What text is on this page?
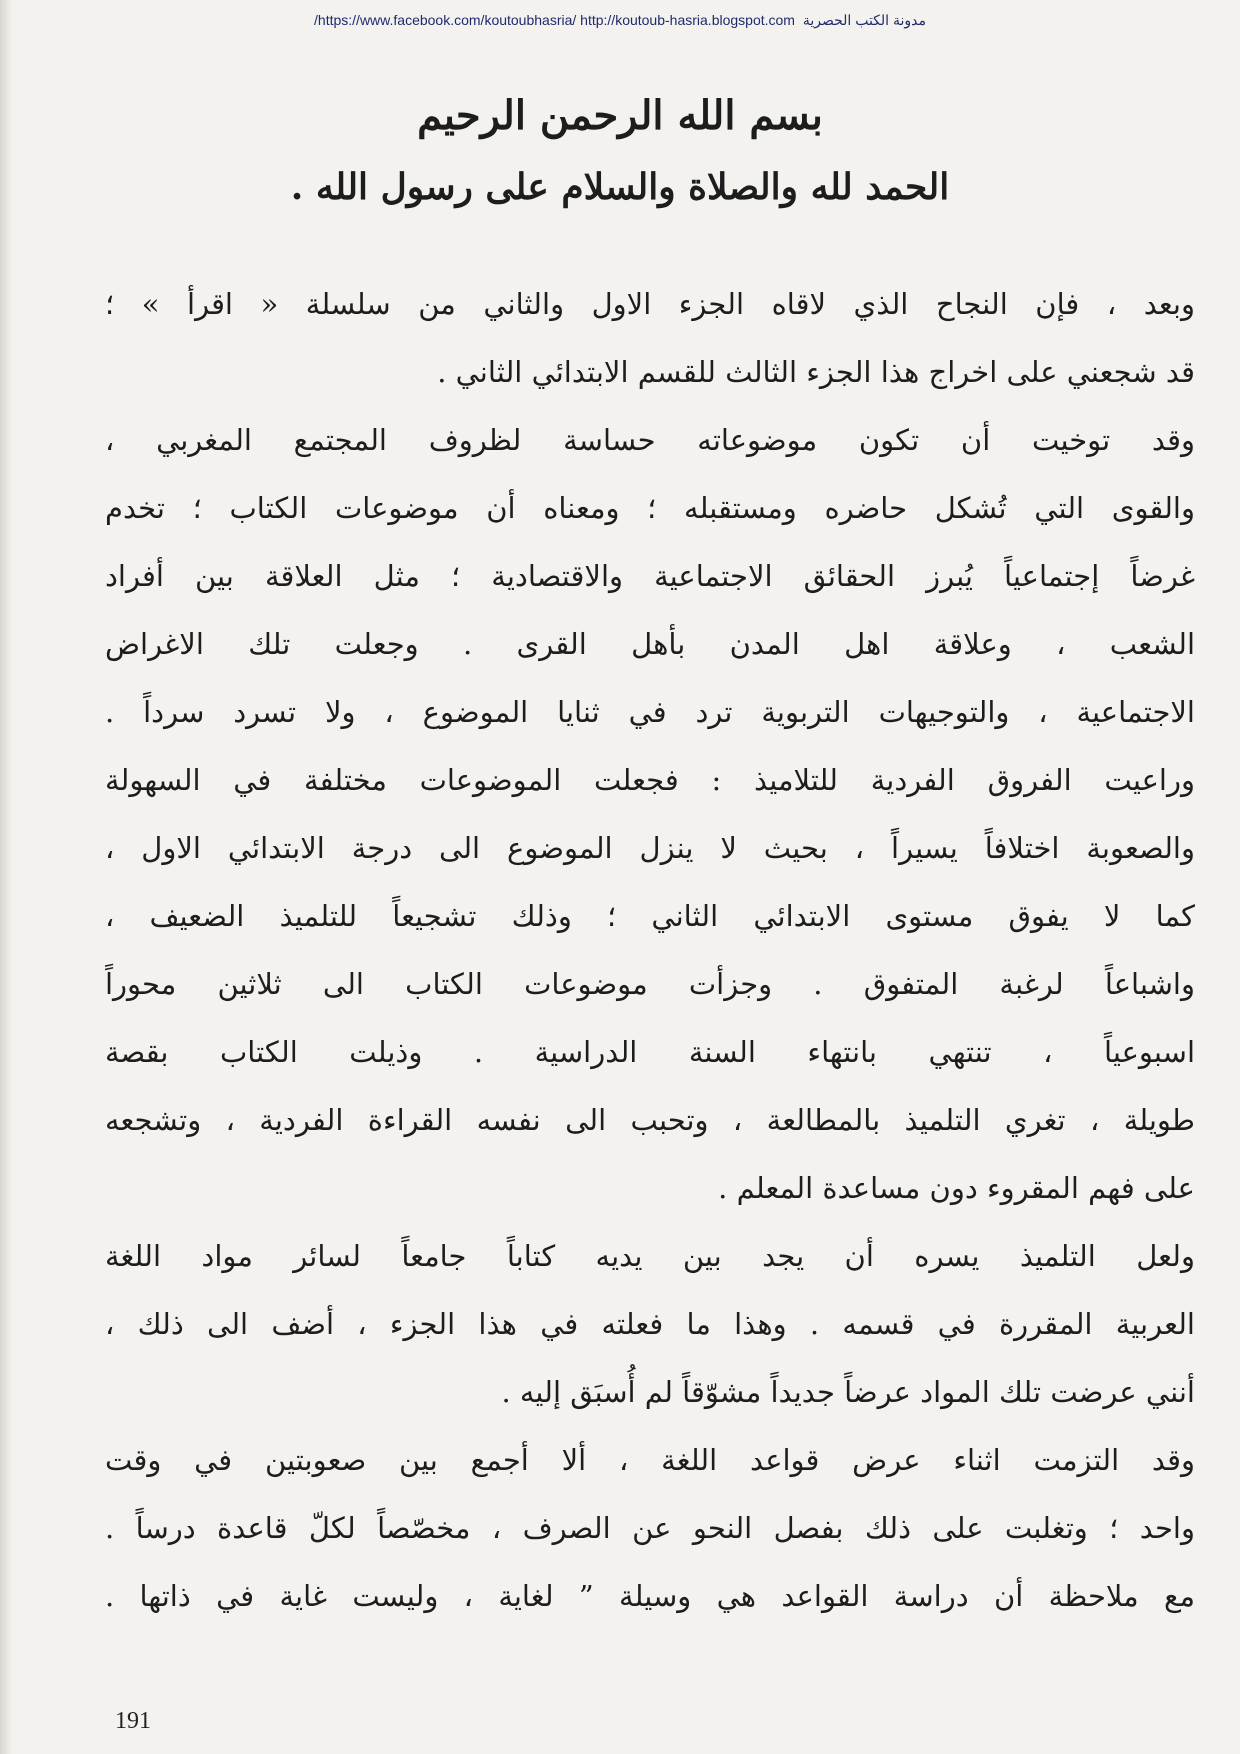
/https://www.facebook.com/koutoubhasria/ http://koutoub-hasria.blogspot.com مدونة الكتب الحصرية
بسم الله الرحمن الرحيم
الحمد لله والصلاة والسلام على رسول الله .
وبعد ، فإن النجاح الذي لاقاه الجزء الاول والثاني من سلسلة « اقرأ » ؛
قد شجعني على اخراج هذا الجزء الثالث للقسم الابتدائي الثاني .
وقد توخيت أن تكون موضوعاته حساسة لظروف المجتمع المغربي ،
والقوى التي تُشكل حاضره ومستقبله ؛ ومعناه أن موضوعات الكتاب ؛ تخدم
غرضاً إجتماعياً يُبرز الحقائق الاجتماعية والاقتصادية ؛ مثل العلاقة بين أفراد
الشعب ، وعلاقة اهل المدن بأهل القرى . وجعلت تلك الاغراض
الاجتماعية ، والتوجيهات التربوية ترد في ثنايا الموضوع ، ولا تسرد سرداً .
وراعيت الفروق الفردية للتلاميذ : فجعلت الموضوعات مختلفة في السهولة
والصعوبة اختلافاً يسيراً ، بحيث لا ينزل الموضوع الى درجة الابتدائي الاول ،
كما لا يفوق مستوى الابتدائي الثاني ؛ وذلك تشجيعاً للتلميذ الضعيف ،
واشباعاً لرغبة المتفوق . وجزأت موضوعات الكتاب الى ثلاثين محوراً
اسبوعياً ، تنتهي بانتهاء السنة الدراسية . وذيلت الكتاب بقصة
طويلة ، تغري التلميذ بالمطالعة ، وتحبب الى نفسه القراءة الفردية ، وتشجعه
على فهم المقروء دون مساعدة المعلم .
ولعل التلميذ يسره أن يجد بين يديه كتاباً جامعاً لسائر مواد اللغة
العربية المقررة في قسمه . وهذا ما فعلته في هذا الجزء ، أضف الى ذلك ،
أنني عرضت تلك المواد عرضاً جديداً مشوّقاً لم أُسبَق إليه .
وقد التزمت اثناء عرض قواعد اللغة ، ألا أجمع بين صعوبتين في وقت
واحد ؛ وتغلبت على ذلك بفصل النحو عن الصرف ، مخصّصاً لكلّ قاعدة درساً .
مع ملاحظة أن دراسة القواعد هي وسيلة ” لغاية ، وليست غاية في ذاتها .
191
